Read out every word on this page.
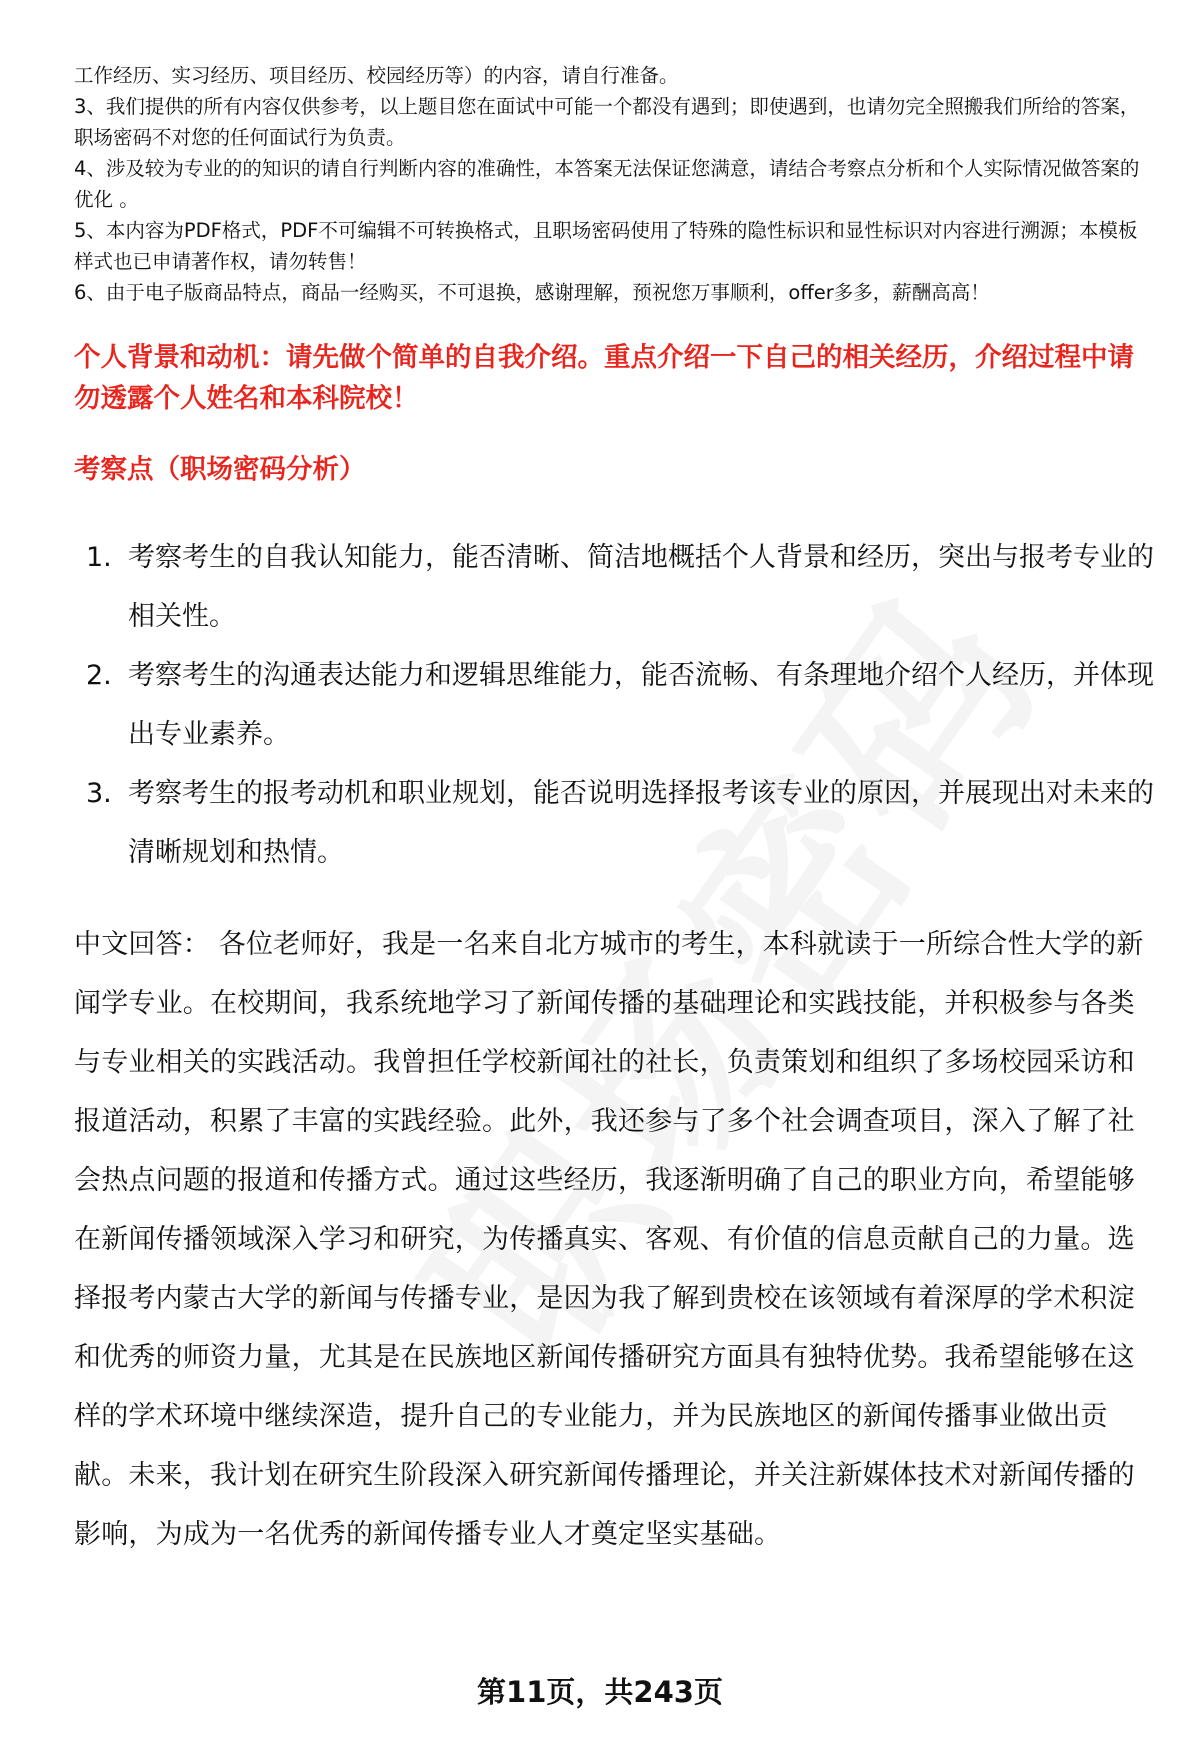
工作经历、实习经历、项目经历、校园经历等）的内容，请自行准备。

3、我们提供的所有内容仅供参考，以上题目您在面试中可能一个都没有遇到；即使遇到，也请勿完全照搬我们所给的答案，职场密码不对您的任何面试行为负责。

4、涉及较为专业的的知识的请自行判断内容的准确性，本答案无法保证您满意，请结合考察点分析和个人实际情况做答案的优化 。

5、本内容为PDF格式，PDF不可编辑不可转换格式，且职场密码使用了特殊的隐性标识和显性标识对内容进行溯源；本模板样式也已申请著作权，请勿转售！

6、由于电子版商品特点，商品一经购买，不可退换，感谢理解，预祝您万事顺利，offer多多，薪酬高高！

个人背景和动机：请先做个简单的自我介绍。重点介绍一下自己的相关经历，介绍过程中请勿透露个人姓名和本科院校！

考察点（职场密码分析）

1. 考察考生的自我认知能力，能否清晰、简洁地概括个人背景和经历，突出与报考专业的相关性。
2. 考察考生的沟通表达能力和逻辑思维能力，能否流畅、有条理地介绍个人经历，并体现出专业素养。
3. 考察考生的报考动机和职业规划，能否说明选择报考该专业的原因，并展现出对未来的清晰规划和热情。

中文回答： 各位老师好，我是一名来自北方城市的考生，本科就读于一所综合性大学的新闻学专业。在校期间，我系统地学习了新闻传播的基础理论和实践技能，并积极参与各类与专业相关的实践活动。我曾担任学校新闻社的社长，负责策划和组织了多场校园采访和报道活动，积累了丰富的实践经验。此外，我还参与了多个社会调查项目，深入了解了社会热点问题的报道和传播方式。通过这些经历，我逐渐明确了自己的职业方向，希望能够在新闻传播领域深入学习和研究，为传播真实、客观、有价值的信息贡献自己的力量。选择报考内蒙古大学的新闻与传播专业，是因为我了解到贵校在该领域有着深厚的学术积淀和优秀的师资力量，尤其是在民族地区新闻传播研究方面具有独特优势。我希望能够在这样的学术环境中继续深造，提升自己的专业能力，并为民族地区的新闻传播事业做出贡献。未来，我计划在研究生阶段深入研究新闻传播理论，并关注新媒体技术对新闻传播的影响，为成为一名优秀的新闻传播专业人才奠定坚实基础。

第11页，共243页
